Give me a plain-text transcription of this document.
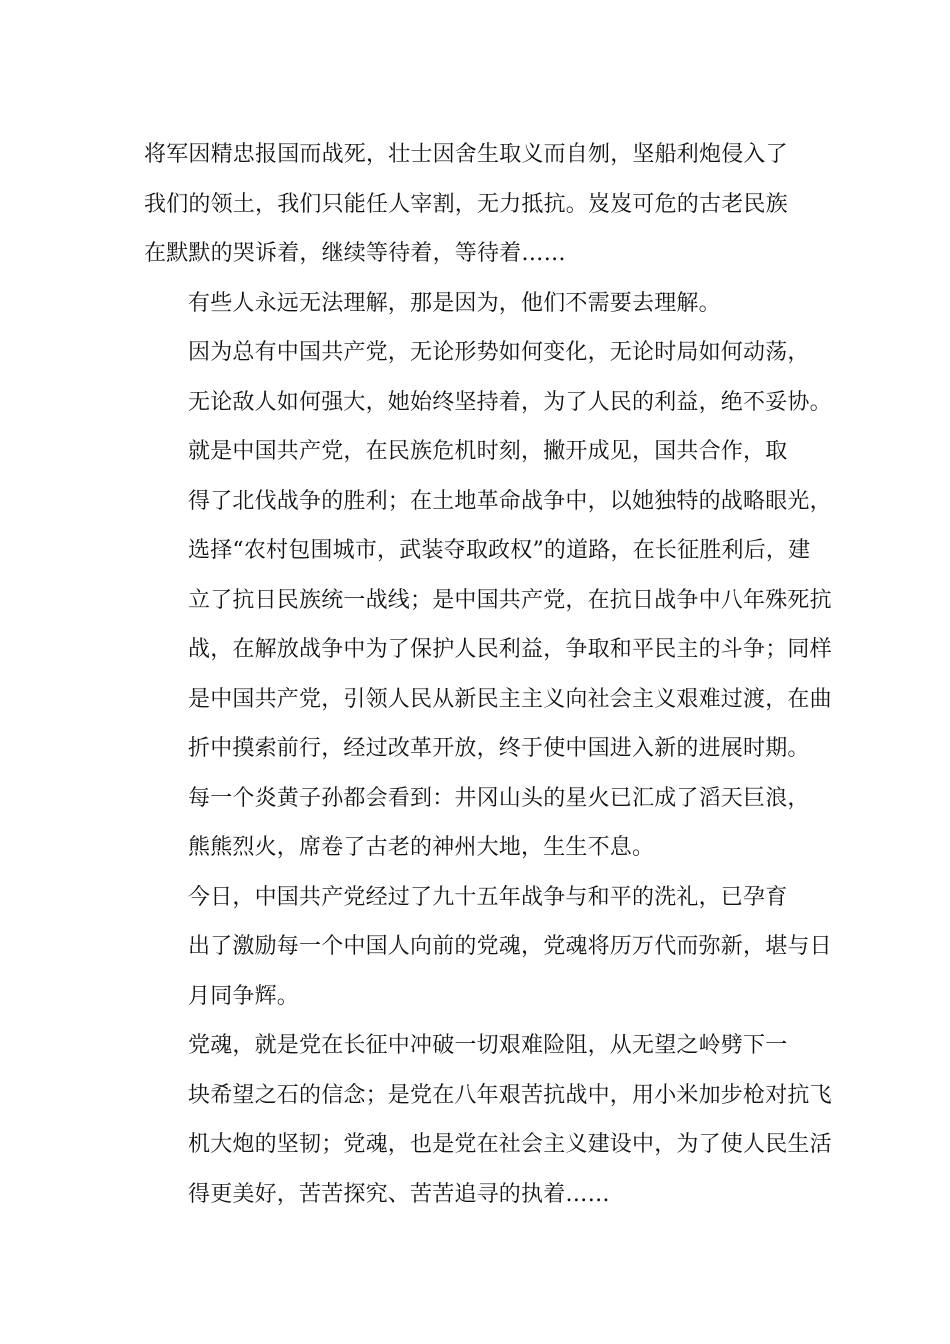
将军因精忠报国而战死，壮士因舍生取义而自刎，坚船利炮侵入了
我们的领土，我们只能任人宰割，无力抵抗。岌岌可危的古老民族
在默默的哭诉着，继续等待着，等待着……

有些人永远无法理解，那是因为，他们不需要去理解。

因为总有中国共产党，无论形势如何变化，无论时局如何动荡，
无论敌人如何强大，她始终坚持着，为了人民的利益，绝不妥协。

就是中国共产党，在民族危机时刻，撇开成见，国共合作，取
得了北伐战争的胜利；在土地革命战争中，以她独特的战略眼光，
选择“农村包围城市，武装夺取政权”的道路，在长征胜利后，建
立了抗日民族统一战线；是中国共产党，在抗日战争中八年殊死抗
战，在解放战争中为了保护人民利益，争取和平民主的斗争；同样
是中国共产党，引领人民从新民主主义向社会主义艰难过渡，在曲
折中摸索前行，经过改革开放，终于使中国进入新的进展时期。

每一个炎黄子孙都会看到：井冈山头的星火已汇成了滔天巨浪，
熊熊烈火，席卷了古老的神州大地，生生不息。

今日，中国共产党经过了九十五年战争与和平的洗礼，已孕育
出了激励每一个中国人向前的党魂，党魂将历万代而弥新，堪与日
月同争辉。

党魂，就是党在长征中冲破一切艰难险阻，从无望之岭劈下一
块希望之石的信念；是党在八年艰苦抗战中，用小米加步枪对抗飞
机大炮的坚韧；党魂，也是党在社会主义建设中，为了使人民生活
得更美好，苦苦探究、苦苦追寻的执着……
